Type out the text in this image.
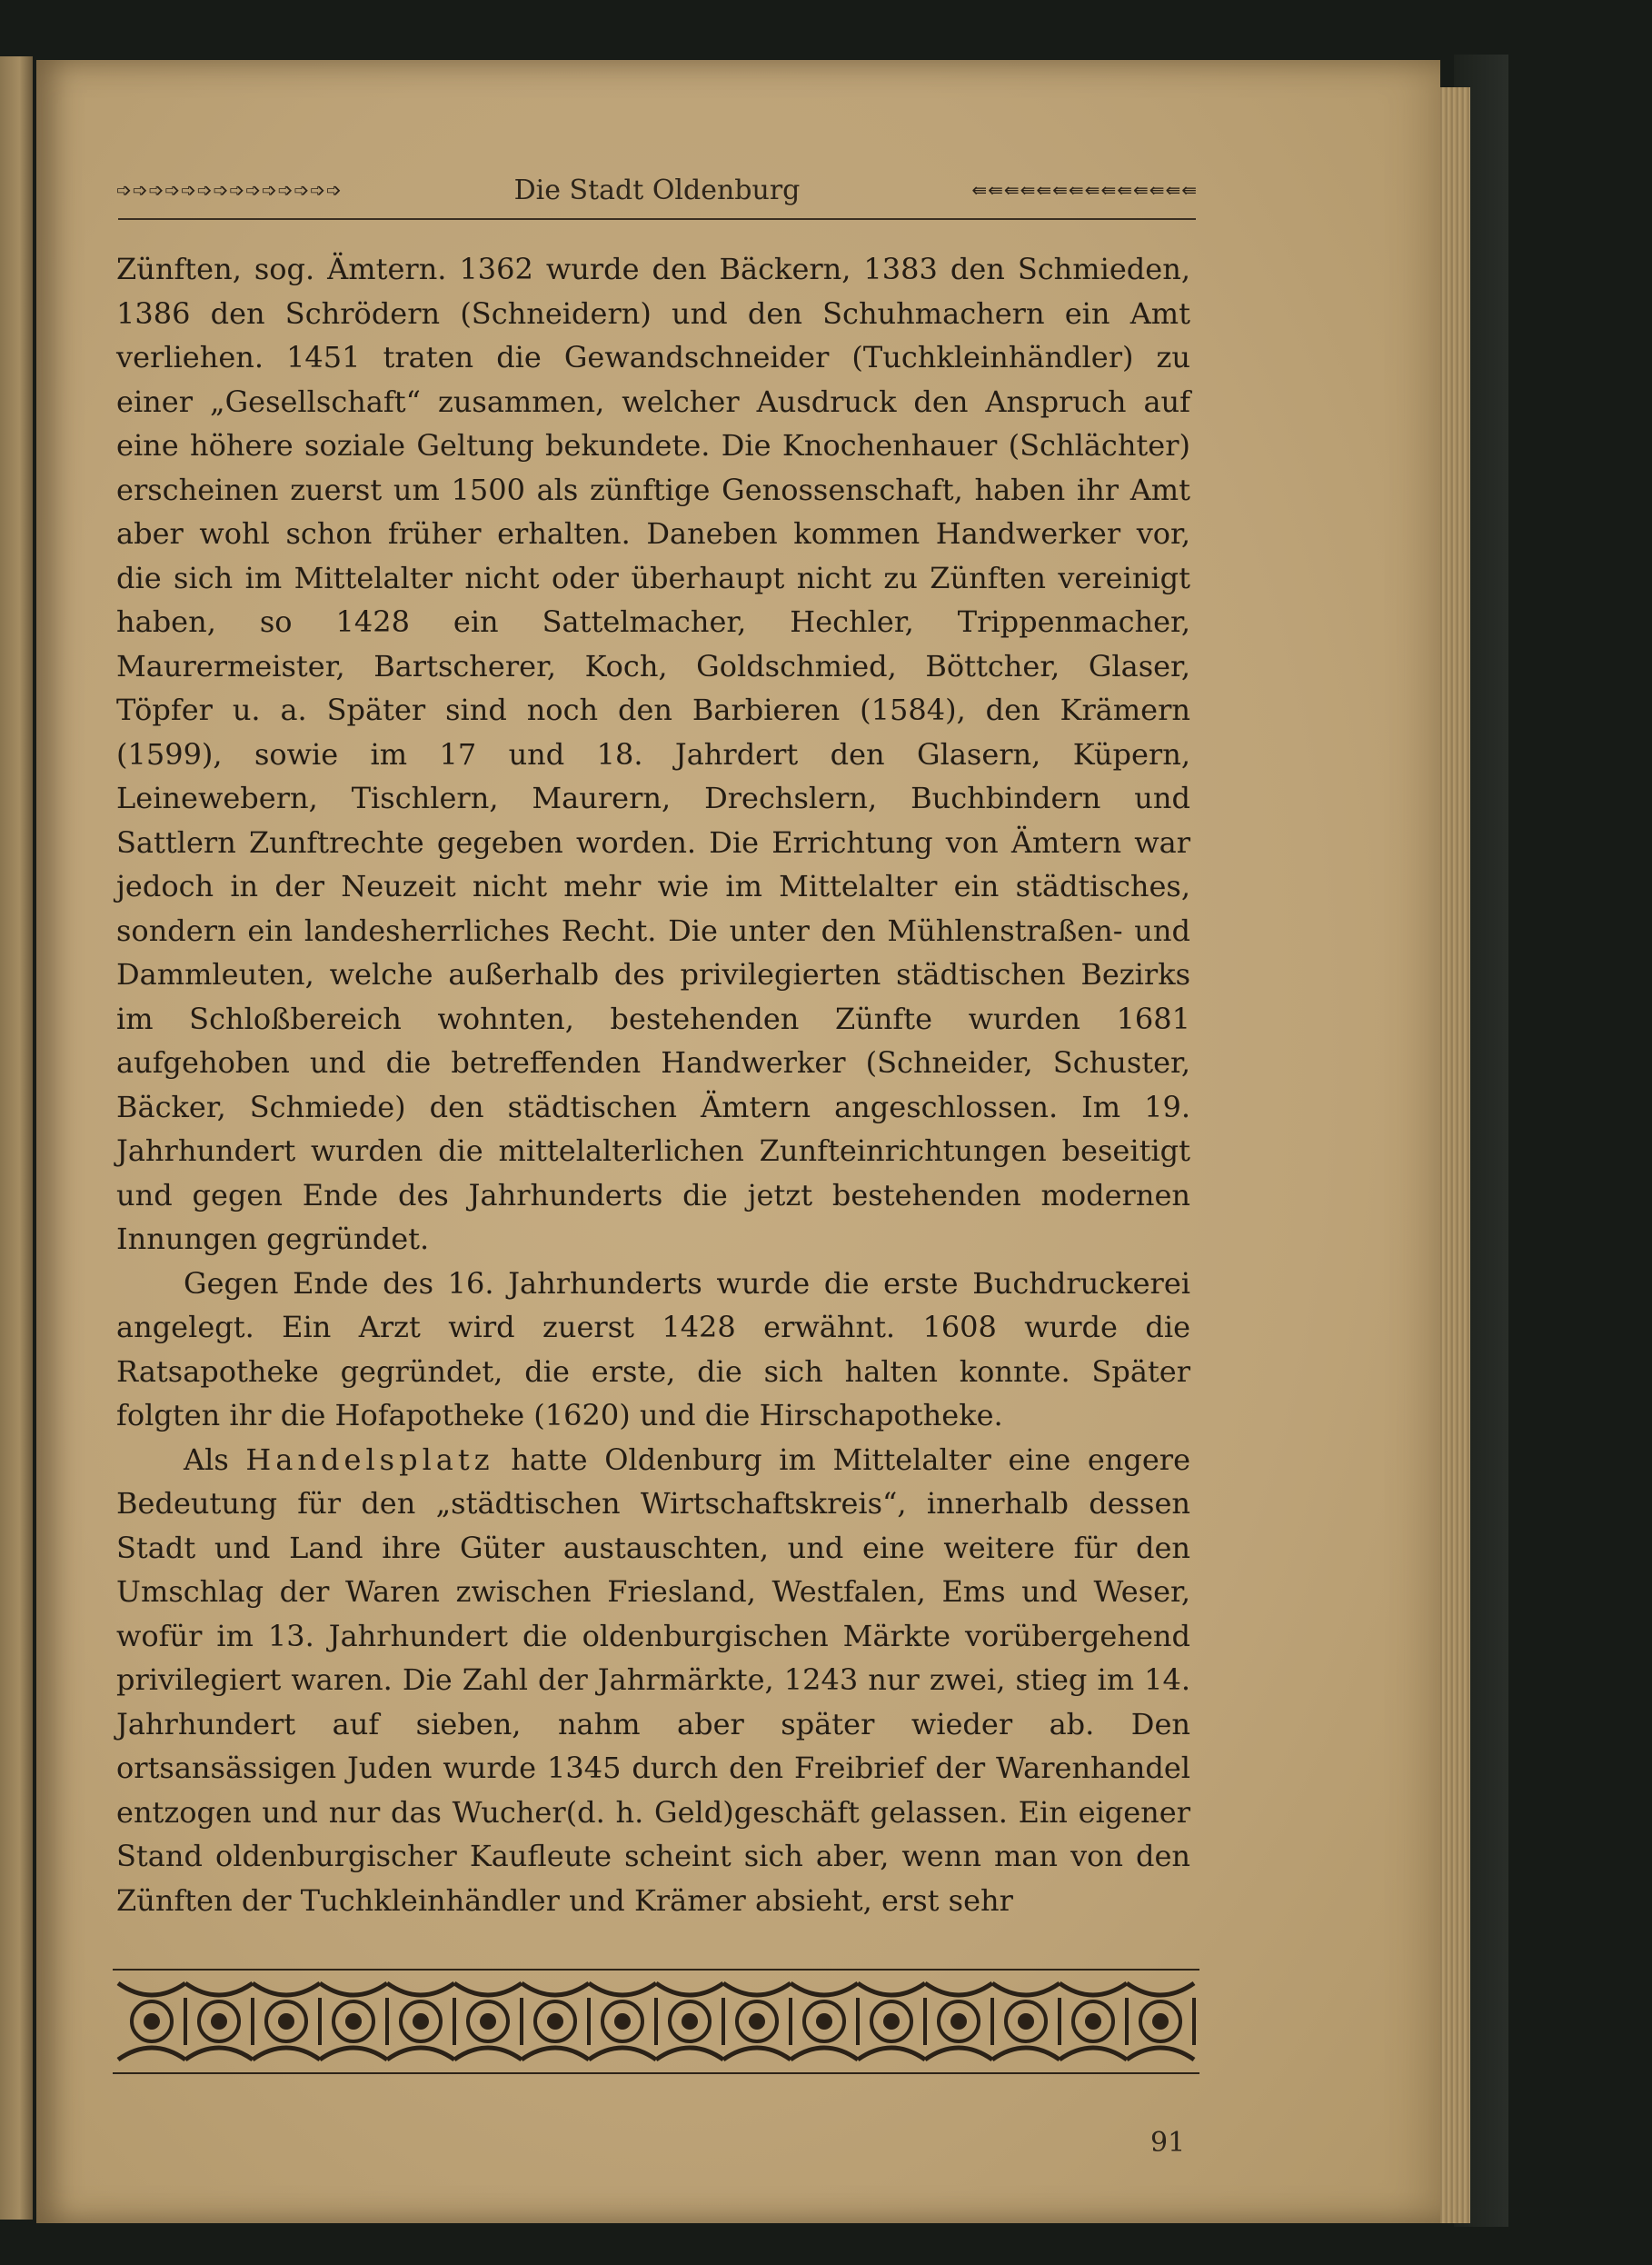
➩➩➩➩➩➩➩➩➩➩➩➩➩➩	Die Stadt Oldenburg	⇚⇚⇚⇚⇚⇚⇚⇚⇚⇚⇚⇚⇚⇚

Zünften, sog. Ämtern. 1362 wurde den Bäckern, 1383 den Schmieden, 1386 den Schrödern (Schneidern) und den Schuhmachern ein Amt verliehen. 1451 traten die Gewandschneider (Tuchkleinhändler) zu einer „Gesellschaft“ zusammen, welcher Ausdruck den Anspruch auf eine höhere soziale Geltung bekundete. Die Knochenhauer (Schlächter) erscheinen zuerst um 1500 als zünftige Genossenschaft, haben ihr Amt aber wohl schon früher erhalten. Daneben kommen Handwerker vor, die sich im Mittelalter nicht oder überhaupt nicht zu Zünften vereinigt haben, so 1428 ein Sattelmacher, Hechler, Trippenmacher, Maurermeister, Bartscherer, Koch, Goldschmied, Böttcher, Glaser, Töpfer u. a. Später sind noch den Barbieren (1584), den Krämern (1599), sowie im 17 und 18. Jahrdert den Glasern, Küpern, Leinewebern, Tischlern, Maurern, Drechslern, Buchbindern und Sattlern Zunftrechte gegeben worden. Die Errichtung von Ämtern war jedoch in der Neuzeit nicht mehr wie im Mittelalter ein städtisches, sondern ein landesherrliches Recht. Die unter den Mühlenstraßen- und Dammleuten, welche außerhalb des privilegierten städtischen Bezirks im Schloßbereich wohnten, bestehenden Zünfte wurden 1681 aufgehoben und die betreffenden Handwerker (Schneider, Schuster, Bäcker, Schmiede) den städtischen Ämtern angeschlossen. Im 19. Jahrhundert wurden die mittelalterlichen Zunfteinrichtungen beseitigt und gegen Ende des Jahrhunderts die jetzt bestehenden modernen Innungen gegründet.

Gegen Ende des 16. Jahrhunderts wurde die erste Buchdruckerei angelegt. Ein Arzt wird zuerst 1428 erwähnt. 1608 wurde die Ratsapotheke gegründet, die erste, die sich halten konnte. Später folgten ihr die Hofapotheke (1620) und die Hirschapotheke.

Als Handelsplatz hatte Oldenburg im Mittelalter eine engere Bedeutung für den „städtischen Wirtschaftskreis“, innerhalb dessen Stadt und Land ihre Güter austauschten, und eine weitere für den Umschlag der Waren zwischen Friesland, Westfalen, Ems und Weser, wofür im 13. Jahrhundert die oldenburgischen Märkte vorübergehend privilegiert waren. Die Zahl der Jahrmärkte, 1243 nur zwei, stieg im 14. Jahrhundert auf sieben, nahm aber später wieder ab. Den ortsansässigen Juden wurde 1345 durch den Freibrief der Warenhandel entzogen und nur das Wucher(d. h. Geld)geschäft gelassen. Ein eigener Stand oldenburgischer Kaufleute scheint sich aber, wenn man von den Zünften der Tuchkleinhändler und Krämer absieht, erst sehr

91
